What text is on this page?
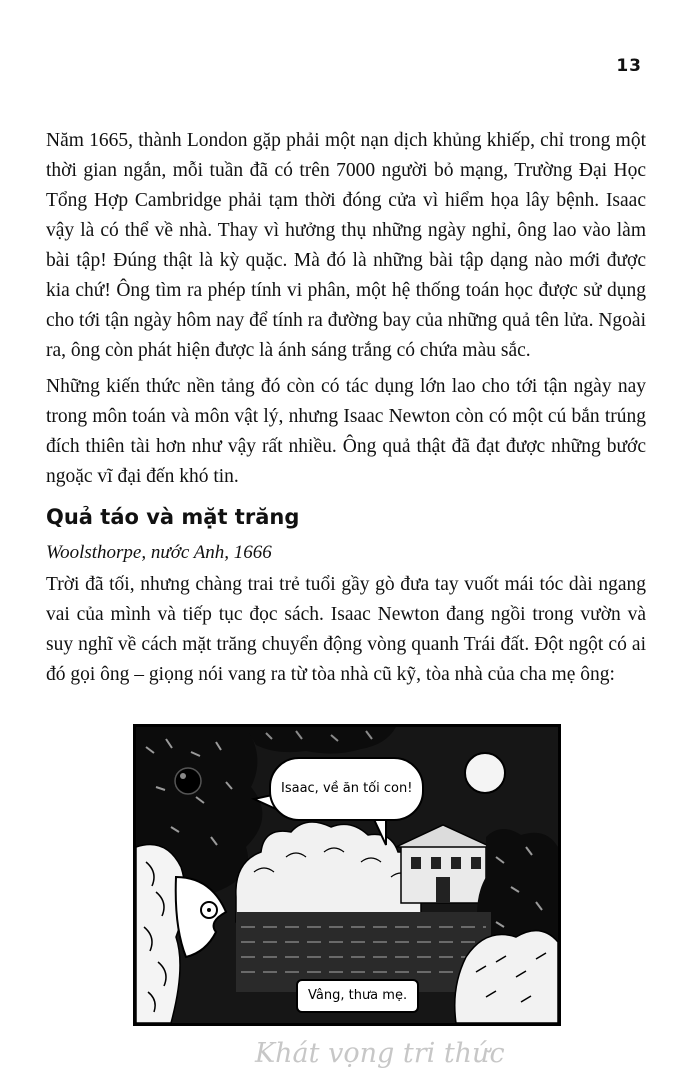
13

Năm 1665, thành London gặp phải một nạn dịch khủng khiếp, chỉ trong một thời gian ngắn, mỗi tuần đã có trên 7000 người bỏ mạng, Trường Đại Học Tổng Hợp Cambridge phải tạm thời đóng cửa vì hiểm họa lây bệnh. Isaac vậy là có thể về nhà. Thay vì hưởng thụ những ngày nghỉ, ông lao vào làm bài tập! Đúng thật là kỳ quặc. Mà đó là những bài tập dạng nào mới được kia chứ! Ông tìm ra phép tính vi phân, một hệ thống toán học được sử dụng cho tới tận ngày hôm nay để tính ra đường bay của những quả tên lửa. Ngoài ra, ông còn phát hiện được là ánh sáng trắng có chứa màu sắc.

Những kiến thức nền tảng đó còn có tác dụng lớn lao cho tới tận ngày nay trong môn toán và môn vật lý, nhưng Isaac Newton còn có một cú bắn trúng đích thiên tài hơn như vậy rất nhiều. Ông quả thật đã đạt được những bước ngoặc vĩ đại đến khó tin.

Quả táo và mặt trăng

Woolsthorpe, nước Anh, 1666

Trời đã tối, nhưng chàng trai trẻ tuổi gầy gò đưa tay vuốt mái tóc dài ngang vai của mình và tiếp tục đọc sách. Isaac Newton đang ngồi trong vườn và suy nghĩ về cách mặt trăng chuyển động vòng quanh Trái đất. Đột ngột có ai đó gọi ông – giọng nói vang ra từ tòa nhà cũ kỹ, tòa nhà của cha mẹ ông:

Isaac, về ăn tối con!
Vâng, thưa mẹ.
Khát vọng tri thức
